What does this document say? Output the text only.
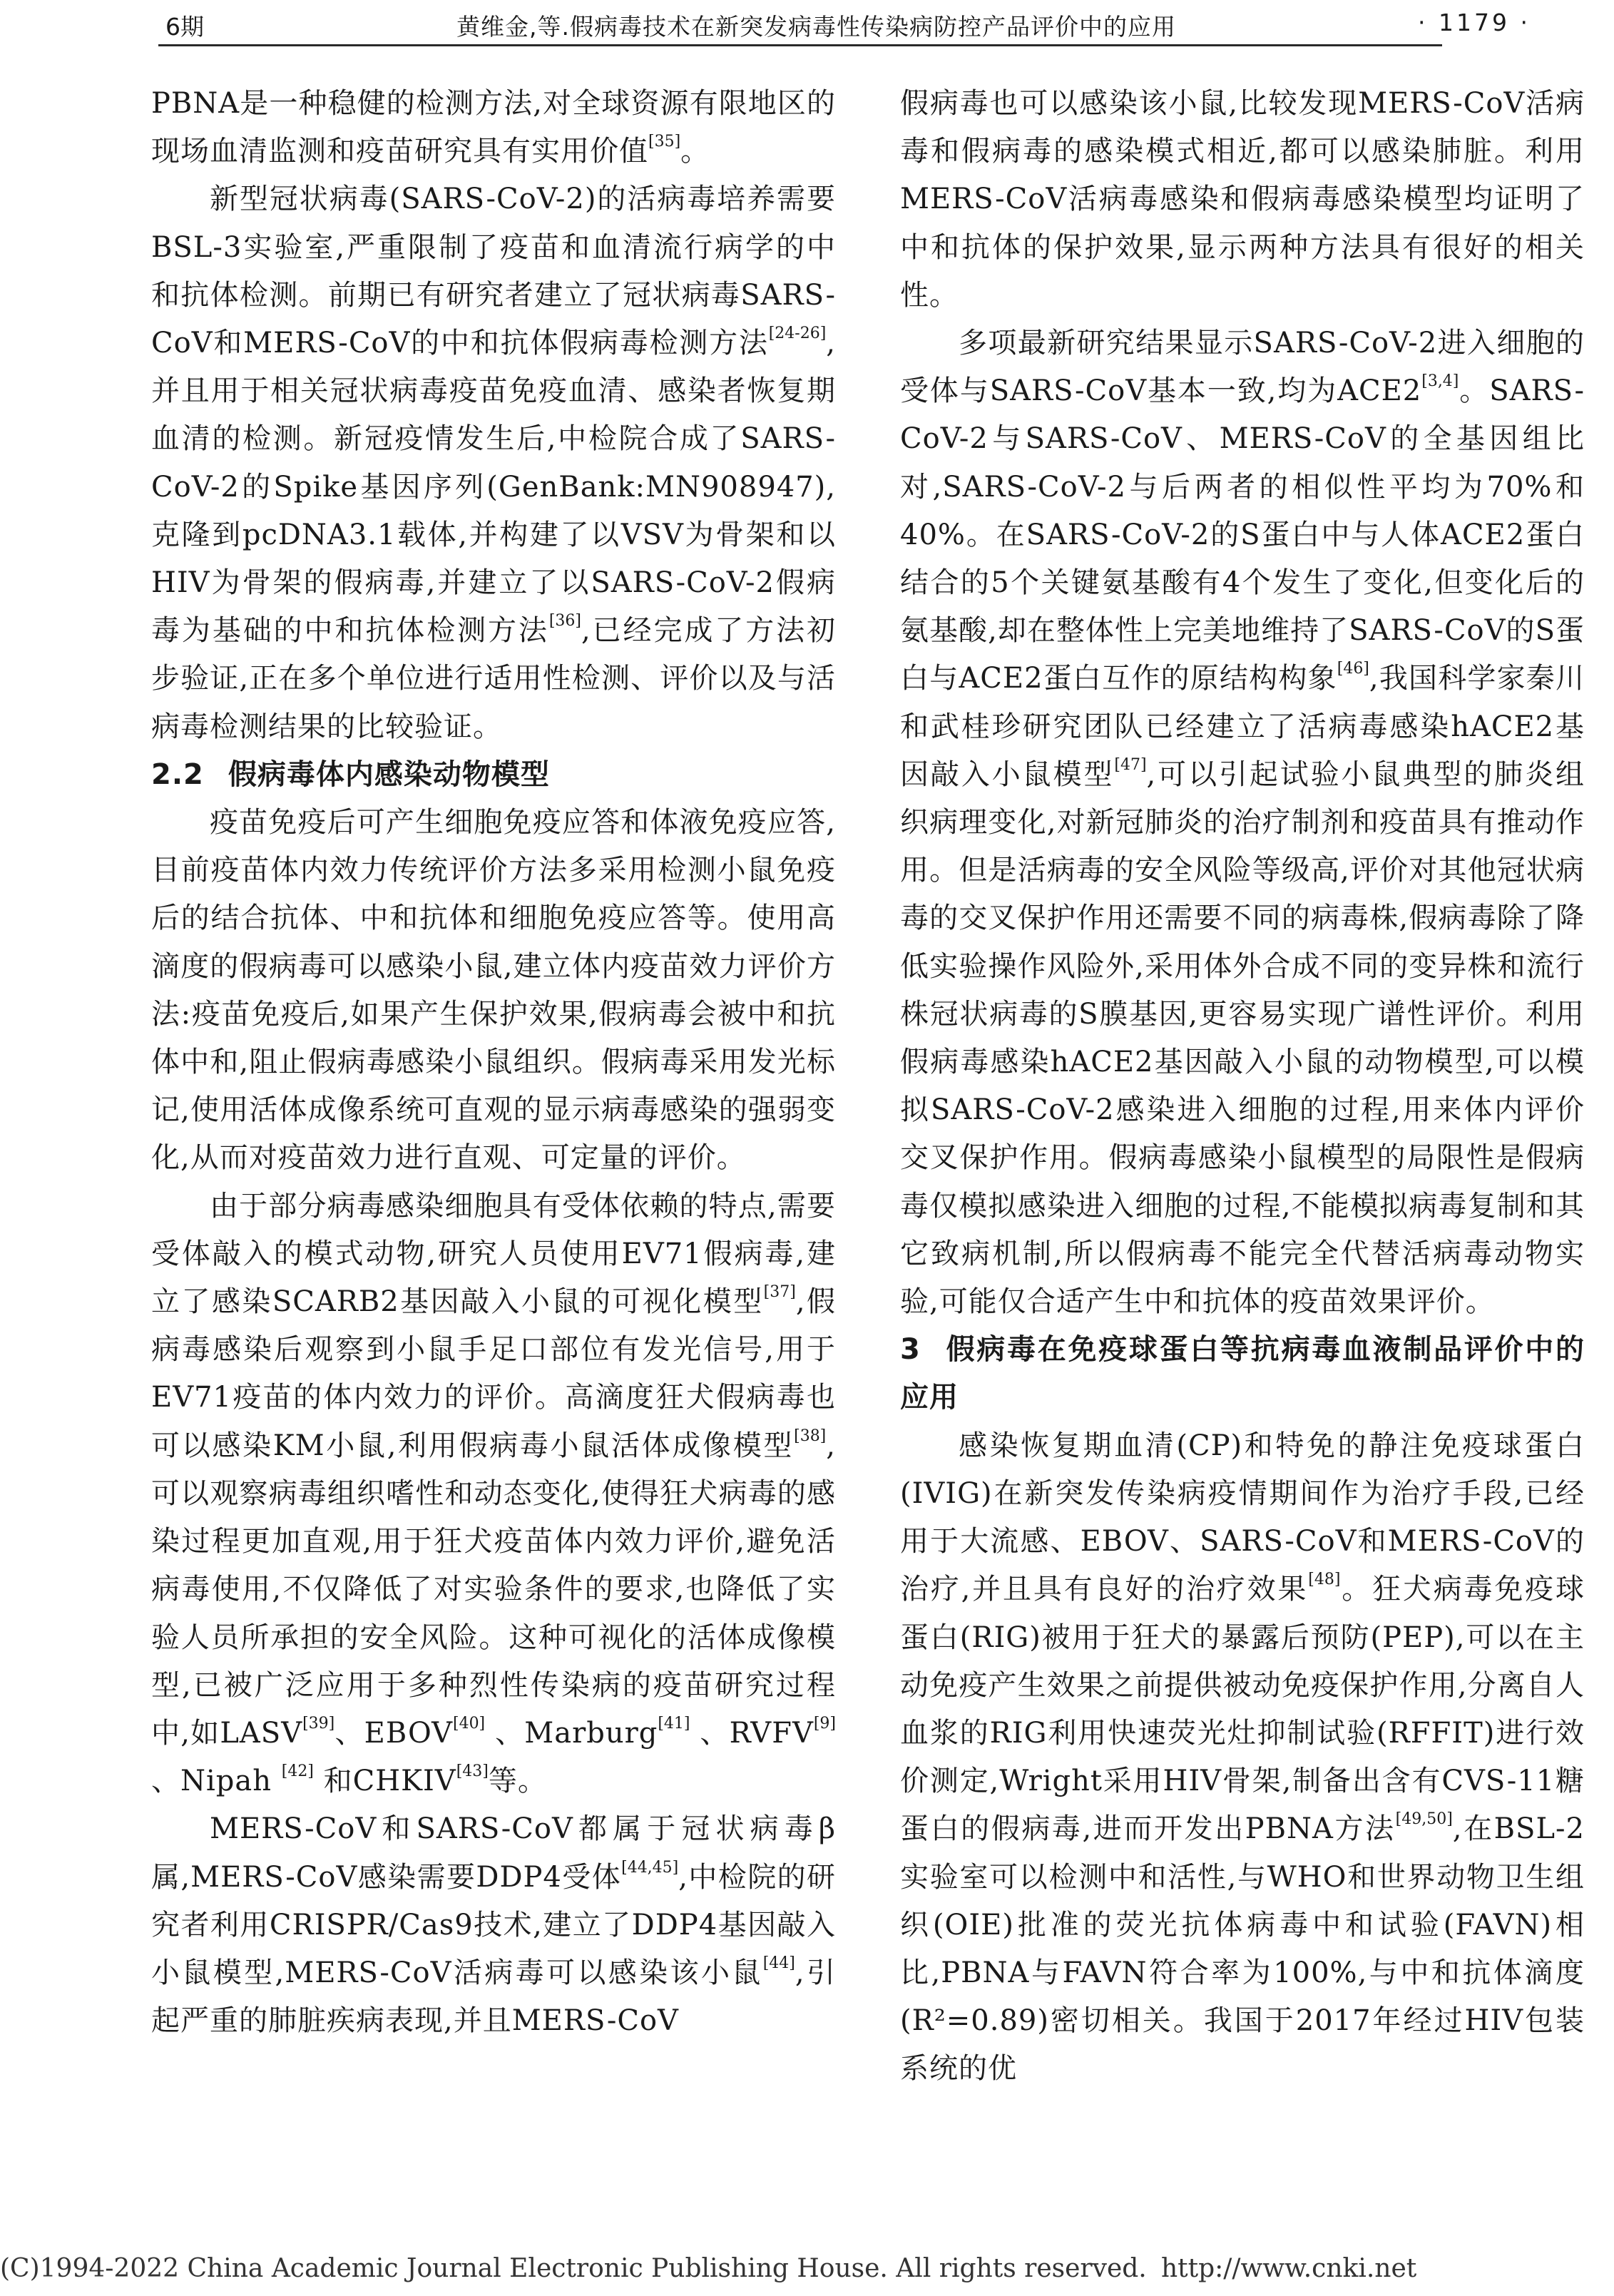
6期	黄维金,等.假病毒技术在新突发病毒性传染病防控产品评价中的应用	· 1179 ·

PBNA是一种稳健的检测方法,对全球资源有限地区的现场血清监测和疫苗研究具有实用价值[35]。

新型冠状病毒(SARS-CoV-2)的活病毒培养需要BSL-3实验室,严重限制了疫苗和血清流行病学的中和抗体检测。前期已有研究者建立了冠状病毒SARS-CoV和MERS-CoV的中和抗体假病毒检测方法[24-26],并且用于相关冠状病毒疫苗免疫血清、感染者恢复期血清的检测。新冠疫情发生后,中检院合成了SARS-CoV-2的Spike基因序列(GenBank:MN908947),克隆到pcDNA3.1载体,并构建了以VSV为骨架和以HIV为骨架的假病毒,并建立了以SARS-CoV-2假病毒为基础的中和抗体检测方法[36],已经完成了方法初步验证,正在多个单位进行适用性检测、评价以及与活病毒检测结果的比较验证。

2.2 假病毒体内感染动物模型

疫苗免疫后可产生细胞免疫应答和体液免疫应答,目前疫苗体内效力传统评价方法多采用检测小鼠免疫后的结合抗体、中和抗体和细胞免疫应答等。使用高滴度的假病毒可以感染小鼠,建立体内疫苗效力评价方法:疫苗免疫后,如果产生保护效果,假病毒会被中和抗体中和,阻止假病毒感染小鼠组织。假病毒采用发光标记,使用活体成像系统可直观的显示病毒感染的强弱变化,从而对疫苗效力进行直观、可定量的评价。

由于部分病毒感染细胞具有受体依赖的特点,需要受体敲入的模式动物,研究人员使用EV71假病毒,建立了感染SCARB2基因敲入小鼠的可视化模型[37],假病毒感染后观察到小鼠手足口部位有发光信号,用于EV71疫苗的体内效力的评价。高滴度狂犬假病毒也可以感染KM小鼠,利用假病毒小鼠活体成像模型[38],可以观察病毒组织嗜性和动态变化,使得狂犬病毒的感染过程更加直观,用于狂犬疫苗体内效力评价,避免活病毒使用,不仅降低了对实验条件的要求,也降低了实验人员所承担的安全风险。这种可视化的活体成像模型,已被广泛应用于多种烈性传染病的疫苗研究过程中,如LASV[39]、EBOV[40] 、Marburg[41] 、RVFV[9] 、Nipah [42] 和CHKIV[43]等。

MERS-CoV和SARS-CoV都属于冠状病毒β属,MERS-CoV感染需要DDP4受体[44,45],中检院的研究者利用CRISPR/Cas9技术,建立了DDP4基因敲入小鼠模型,MERS-CoV活病毒可以感染该小鼠[44],引起严重的肺脏疾病表现,并且MERS-CoV

假病毒也可以感染该小鼠,比较发现MERS-CoV活病毒和假病毒的感染模式相近,都可以感染肺脏。利用MERS-CoV活病毒感染和假病毒感染模型均证明了中和抗体的保护效果,显示两种方法具有很好的相关性。

多项最新研究结果显示SARS-CoV-2进入细胞的受体与SARS-CoV基本一致,均为ACE2[3,4]。SARS-CoV-2与SARS-CoV、MERS-CoV的全基因组比对,SARS-CoV-2与后两者的相似性平均为70%和40%。在SARS-CoV-2的S蛋白中与人体ACE2蛋白结合的5个关键氨基酸有4个发生了变化,但变化后的氨基酸,却在整体性上完美地维持了SARS-CoV的S蛋白与ACE2蛋白互作的原结构构象[46],我国科学家秦川和武桂珍研究团队已经建立了活病毒感染hACE2基因敲入小鼠模型[47],可以引起试验小鼠典型的肺炎组织病理变化,对新冠肺炎的治疗制剂和疫苗具有推动作用。但是活病毒的安全风险等级高,评价对其他冠状病毒的交叉保护作用还需要不同的病毒株,假病毒除了降低实验操作风险外,采用体外合成不同的变异株和流行株冠状病毒的S膜基因,更容易实现广谱性评价。利用假病毒感染hACE2基因敲入小鼠的动物模型,可以模拟SARS-CoV-2感染进入细胞的过程,用来体内评价交叉保护作用。假病毒感染小鼠模型的局限性是假病毒仅模拟感染进入细胞的过程,不能模拟病毒复制和其它致病机制,所以假病毒不能完全代替活病毒动物实验,可能仅合适产生中和抗体的疫苗效果评价。

3 假病毒在免疫球蛋白等抗病毒血液制品评价中的应用

感染恢复期血清(CP)和特免的静注免疫球蛋白(IVIG)在新突发传染病疫情期间作为治疗手段,已经用于大流感、EBOV、SARS-CoV和MERS-CoV的治疗,并且具有良好的治疗效果[48]。狂犬病毒免疫球蛋白(RIG)被用于狂犬的暴露后预防(PEP),可以在主动免疫产生效果之前提供被动免疫保护作用,分离自人血浆的RIG利用快速荧光灶抑制试验(RFFIT)进行效价测定,Wright采用HIV骨架,制备出含有CVS-11糖蛋白的假病毒,进而开发出PBNA方法[49,50],在BSL-2实验室可以检测中和活性,与WHO和世界动物卫生组织(OIE)批准的荧光抗体病毒中和试验(FAVN)相比,PBNA与FAVN符合率为100%,与中和抗体滴度(R²=0.89)密切相关。我国于2017年经过HIV包装系统的优

(C)1994-2022 China Academic Journal Electronic Publishing House. All rights reserved. http://www.cnki.net
